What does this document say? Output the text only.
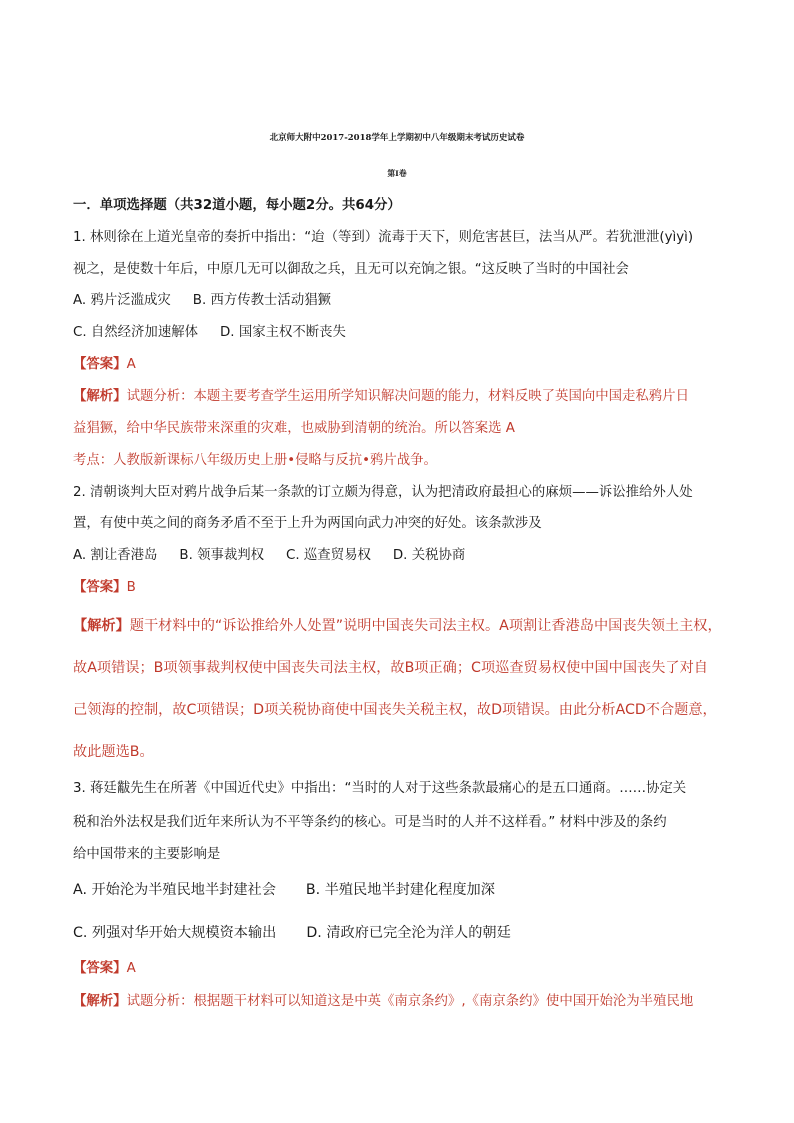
北京师大附中2017-2018学年上学期初中八年级期末考试历史试卷
第I卷
一．单项选择题（共32道小题，每小题2分。共64分）
1. 林则徐在上道光皇帝的奏折中指出：“迨（等到）流毒于天下，则危害甚巨，法当从严。若犹泄泄(yìyì)
视之，是使数十年后，中原几无可以御敌之兵，且无可以充饷之银。“这反映了当时的中国社会
A. 鸦片泛滥成灾 B. 西方传教士活动猖獗
C. 自然经济加速解体 D. 国家主权不断丧失
【答案】A
【解析】试题分析：本题主要考查学生运用所学知识解决问题的能力，材料反映了英国向中国走私鸦片日
益猖獗，给中华民族带来深重的灾难，也威胁到清朝的统治。所以答案选 A
考点：人教版新课标八年级历史上册•侵略与反抗•鸦片战争。
2. 清朝谈判大臣对鸦片战争后某一条款的订立颇为得意，认为把清政府最担心的麻烦——诉讼推给外人处
置，有使中英之间的商务矛盾不至于上升为两国向武力冲突的好处。该条款涉及
A. 割让香港岛 B. 领事裁判权 C. 巡查贸易权 D. 关税协商
【答案】B
【解析】题干材料中的“诉讼推给外人处置”说明中国丧失司法主权。A项割让香港岛中国丧失领土主权，
故A项错误；B项领事裁判权使中国丧失司法主权，故B项正确；C项巡查贸易权使中国中国丧失了对自
己领海的控制，故C项错误；D项关税协商使中国丧失关税主权，故D项错误。由此分析ACD不合题意，
故此题选B。
3. 蒋廷黻先生在所著《中国近代史》中指出：“当时的人对于这些条款最痛心的是五口通商。……协定关
税和治外法权是我们近年来所认为不平等条约的核心。可是当时的人并不这样看。” 材料中涉及的条约
给中国带来的主要影响是
A. 开始沦为半殖民地半封建社会 B. 半殖民地半封建化程度加深
C. 列强对华开始大规模资本输出 D. 清政府已完全沦为洋人的朝廷
【答案】A
【解析】试题分析：根据题干材料可以知道这是中英《南京条约》,《南京条约》使中国开始沦为半殖民地
